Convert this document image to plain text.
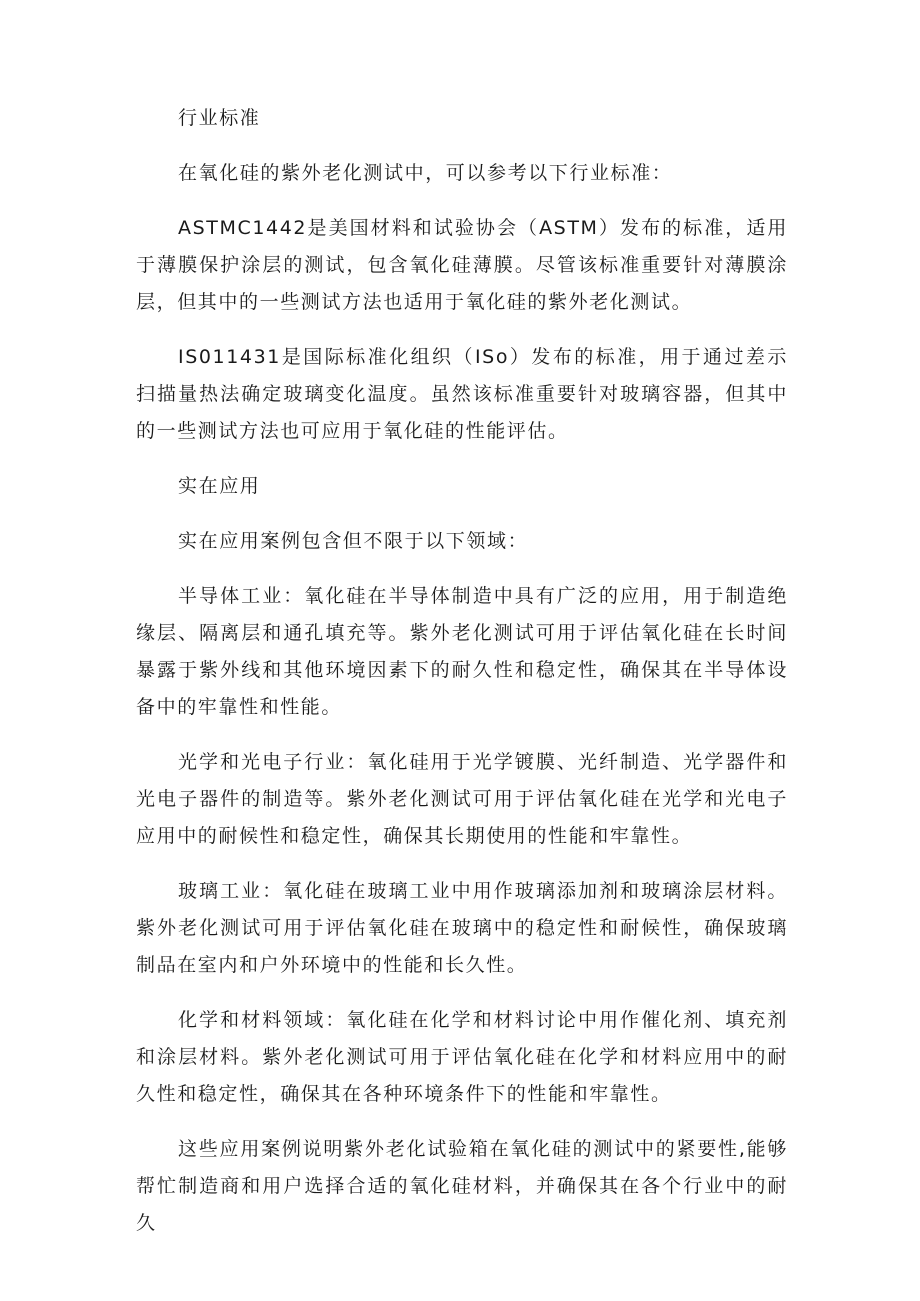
行业标准

在氧化硅的紫外老化测试中，可以参考以下行业标准：

ASTMC1442是美国材料和试验协会（ASTM）发布的标准，适用于薄膜保护涂层的测试，包含氧化硅薄膜。尽管该标准重要针对薄膜涂层，但其中的一些测试方法也适用于氧化硅的紫外老化测试。

IS011431是国际标准化组织（ISo）发布的标准，用于通过差示扫描量热法确定玻璃变化温度。虽然该标准重要针对玻璃容器，但其中的一些测试方法也可应用于氧化硅的性能评估。

实在应用

实在应用案例包含但不限于以下领域：

半导体工业：氧化硅在半导体制造中具有广泛的应用，用于制造绝缘层、隔离层和通孔填充等。紫外老化测试可用于评估氧化硅在长时间暴露于紫外线和其他环境因素下的耐久性和稳定性，确保其在半导体设备中的牢靠性和性能。

光学和光电子行业：氧化硅用于光学镀膜、光纤制造、光学器件和光电子器件的制造等。紫外老化测试可用于评估氧化硅在光学和光电子应用中的耐候性和稳定性，确保其长期使用的性能和牢靠性。

玻璃工业：氧化硅在玻璃工业中用作玻璃添加剂和玻璃涂层材料。紫外老化测试可用于评估氧化硅在玻璃中的稳定性和耐候性，确保玻璃制品在室内和户外环境中的性能和长久性。

化学和材料领域：氧化硅在化学和材料讨论中用作催化剂、填充剂和涂层材料。紫外老化测试可用于评估氧化硅在化学和材料应用中的耐久性和稳定性，确保其在各种环境条件下的性能和牢靠性。

这些应用案例说明紫外老化试验箱在氧化硅的测试中的紧要性,能够帮忙制造商和用户选择合适的氧化硅材料，并确保其在各个行业中的耐久
